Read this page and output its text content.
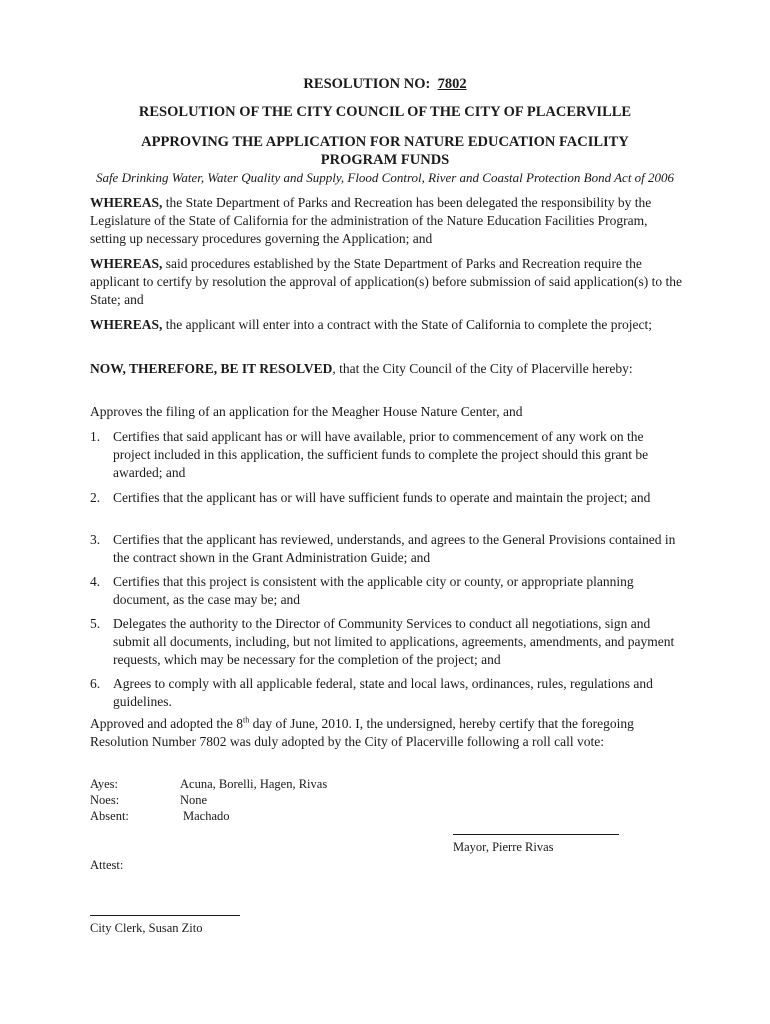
RESOLUTION NO: 7802
RESOLUTION OF THE CITY COUNCIL OF THE CITY OF PLACERVILLE
APPROVING THE APPLICATION FOR NATURE EDUCATION FACILITY PROGRAM FUNDS
Safe Drinking Water, Water Quality and Supply, Flood Control, River and Coastal Protection Bond Act of 2006
WHEREAS, the State Department of Parks and Recreation has been delegated the responsibility by the Legislature of the State of California for the administration of the Nature Education Facilities Program, setting up necessary procedures governing the Application; and
WHEREAS, said procedures established by the State Department of Parks and Recreation require the applicant to certify by resolution the approval of application(s) before submission of said application(s) to the State; and
WHEREAS, the applicant will enter into a contract with the State of California to complete the project;
NOW, THEREFORE, BE IT RESOLVED, that the City Council of the City of Placerville hereby:
Approves the filing of an application for the Meagher House Nature Center, and
1. Certifies that said applicant has or will have available, prior to commencement of any work on the project included in this application, the sufficient funds to complete the project should this grant be awarded; and
2. Certifies that the applicant has or will have sufficient funds to operate and maintain the project; and
3. Certifies that the applicant has reviewed, understands, and agrees to the General Provisions contained in the contract shown in the Grant Administration Guide; and
4. Certifies that this project is consistent with the applicable city or county, or appropriate planning document, as the case may be; and
5. Delegates the authority to the Director of Community Services to conduct all negotiations, sign and submit all documents, including, but not limited to applications, agreements, amendments, and payment requests, which may be necessary for the completion of the project; and
6. Agrees to comply with all applicable federal, state and local laws, ordinances, rules, regulations and guidelines.
Approved and adopted the 8th day of June, 2010. I, the undersigned, hereby certify that the foregoing Resolution Number 7802 was duly adopted by the City of Placerville following a roll call vote:
Ayes:	Acuna, Borelli, Hagen, Rivas
Noes:	None
Absent:	Machado
Mayor, Pierre Rivas
Attest:
City Clerk, Susan Zito
